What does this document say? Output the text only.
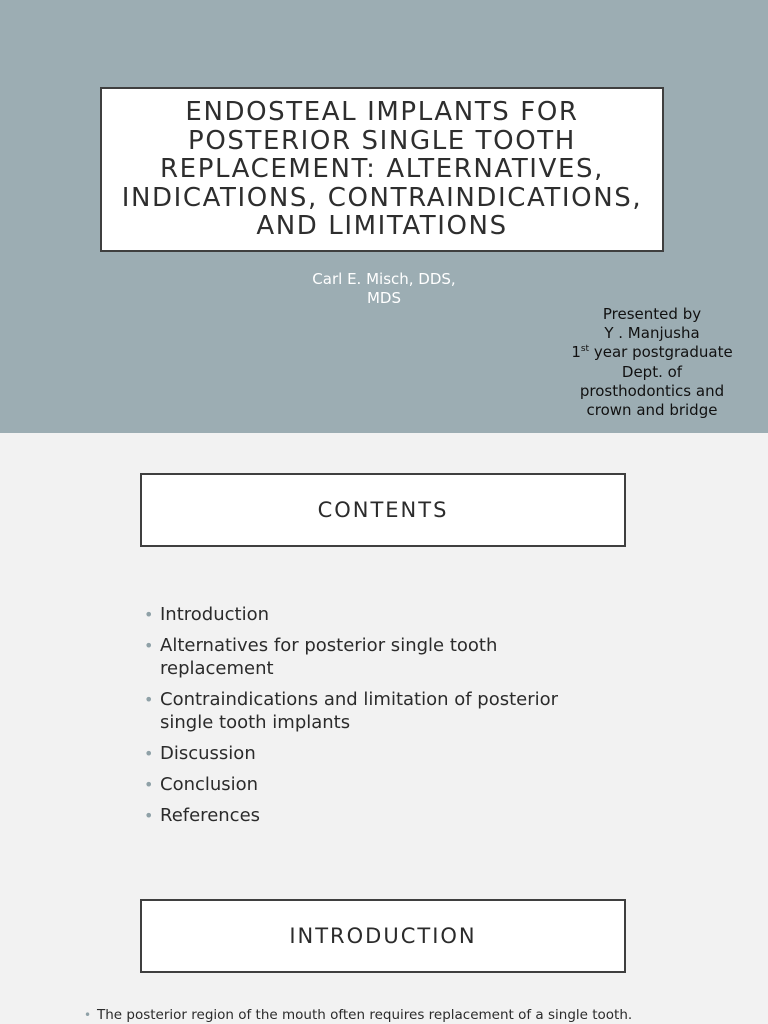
ENDOSTEAL IMPLANTS FOR POSTERIOR SINGLE TOOTH REPLACEMENT: ALTERNATIVES, INDICATIONS, CONTRAINDICATIONS, AND LIMITATIONS
Carl E. Misch, DDS,
MDS
Presented by
Y . Manjusha
1st year postgraduate
Dept. of
prosthodontics and
crown and bridge
CONTENTS
• Introduction
• Alternatives for posterior single tooth replacement
• Contraindications and limitation of posterior single tooth implants
• Discussion
• Conclusion
• References
INTRODUCTION
• The posterior region of the mouth often requires replacement of a single tooth.
